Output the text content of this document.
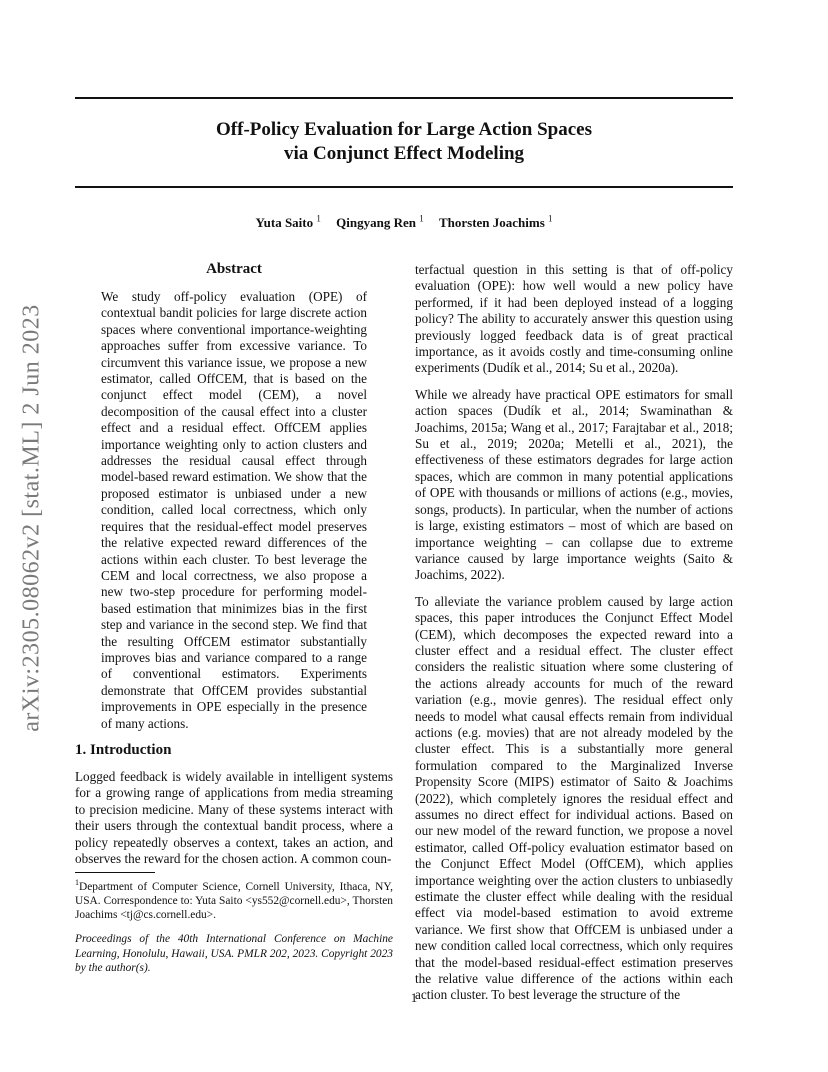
Off-Policy Evaluation for Large Action Spaces
via Conjunct Effect Modeling
Yuta Saito $^1$ Qingyang Ren $^1$ Thorsten Joachims $^1$
arXiv:2305.08062v2 [stat.ML] 2 Jun 2023
Abstract

We study off-policy evaluation (OPE) of contextual bandit policies for large discrete action spaces where conventional importance-weighting approaches suffer from excessive variance. To circumvent this variance issue, we propose a new estimator, called OffCEM, that is based on the conjunct effect model (CEM), a novel decomposition of the causal effect into a cluster effect and a residual effect. OffCEM applies importance weighting only to action clusters and addresses the residual causal effect through model-based reward estimation. We show that the proposed estimator is unbiased under a new condition, called local correctness, which only requires that the residual-effect model preserves the relative expected reward differences of the actions within each cluster. To best leverage the CEM and local correctness, we also propose a new two-step procedure for performing model-based estimation that minimizes bias in the first step and variance in the second step. We find that the resulting OffCEM estimator substantially improves bias and variance compared to a range of conventional estimators. Experiments demonstrate that OffCEM provides substantial improvements in OPE especially in the presence of many actions.

1. Introduction

Logged feedback is widely available in intelligent systems for a growing range of applications from media streaming to precision medicine. Many of these systems interact with their users through the contextual bandit process, where a policy repeatedly observes a context, takes an action, and observes the reward for the chosen action. A common coun-

$^1$Department of Computer Science, Cornell University, Ithaca, NY, USA. Correspondence to: Yuta Saito <ys552@cornell.edu>, Thorsten Joachims <tj@cs.cornell.edu>.

Proceedings of the 40th International Conference on Machine Learning, Honolulu, Hawaii, USA. PMLR 202, 2023. Copyright 2023 by the author(s).

terfactual question in this setting is that of off-policy evaluation (OPE): how well would a new policy have performed, if it had been deployed instead of a logging policy? The ability to accurately answer this question using previously logged feedback data is of great practical importance, as it avoids costly and time-consuming online experiments (Dudík et al., 2014; Su et al., 2020a).

While we already have practical OPE estimators for small action spaces (Dudík et al., 2014; Swaminathan & Joachims, 2015a; Wang et al., 2017; Farajtabar et al., 2018; Su et al., 2019; 2020a; Metelli et al., 2021), the effectiveness of these estimators degrades for large action spaces, which are common in many potential applications of OPE with thousands or millions of actions (e.g., movies, songs, products). In particular, when the number of actions is large, existing estimators – most of which are based on importance weighting – can collapse due to extreme variance caused by large importance weights (Saito & Joachims, 2022).

To alleviate the variance problem caused by large action spaces, this paper introduces the Conjunct Effect Model (CEM), which decomposes the expected reward into a cluster effect and a residual effect. The cluster effect considers the realistic situation where some clustering of the actions already accounts for much of the reward variation (e.g., movie genres). The residual effect only needs to model what causal effects remain from individual actions (e.g. movies) that are not already modeled by the cluster effect. This is a substantially more general formulation compared to the Marginalized Inverse Propensity Score (MIPS) estimator of Saito & Joachims (2022), which completely ignores the residual effect and assumes no direct effect for individual actions. Based on our new model of the reward function, we propose a novel estimator, called Off-policy evaluation estimator based on the Conjunct Effect Model (OffCEM), which applies importance weighting over the action clusters to unbiasedly estimate the cluster effect while dealing with the residual effect via model-based estimation to avoid extreme variance. We first show that OffCEM is unbiased under a new condition called local correctness, which only requires that the model-based residual-effect estimation preserves the relative value difference of the actions within each action cluster. To best leverage the structure of the

1
